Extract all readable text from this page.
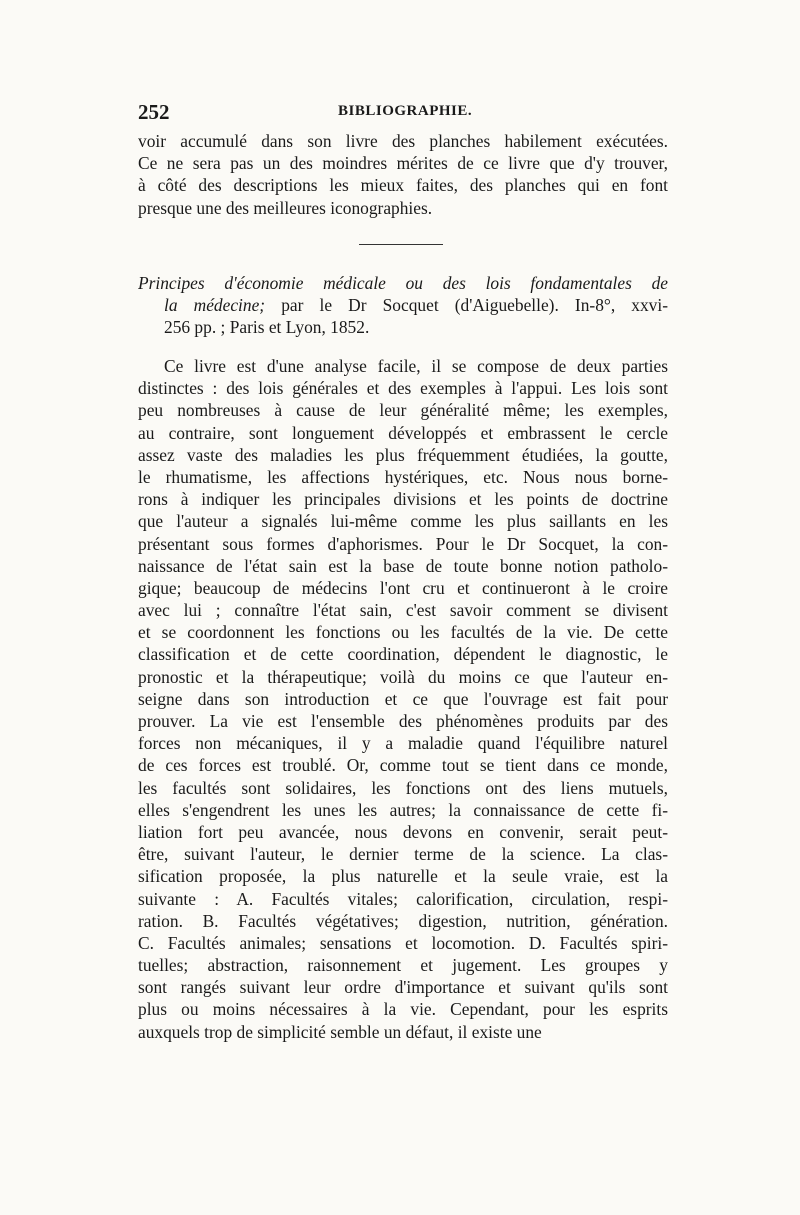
252	BIBLIOGRAPHIE.
voir accumulé dans son livre des planches habilement exécutées.
Ce ne sera pas un des moindres mérites de ce livre que d'y trouver,
à côté des descriptions les mieux faites, des planches qui en font
presque une des meilleures iconographies.
Principes d'économie médicale ou des lois fondamentales de
la médecine; par le Dr Socquet (d'Aiguebelle). In-8°, xxvi-
256 pp. ; Paris et Lyon, 1852.
Ce livre est d'une analyse facile, il se compose de deux parties
distinctes : des lois générales et des exemples à l'appui. Les lois sont
peu nombreuses à cause de leur généralité même; les exemples,
au contraire, sont longuement développés et embrassent le cercle
assez vaste des maladies les plus fréquemment étudiées, la goutte,
le rhumatisme, les affections hystériques, etc. Nous nous borne-
rons à indiquer les principales divisions et les points de doctrine
que l'auteur a signalés lui-même comme les plus saillants en les
présentant sous formes d'aphorismes. Pour le Dr Socquet, la con-
naissance de l'état sain est la base de toute bonne notion patholo-
gique; beaucoup de médecins l'ont cru et continueront à le croire
avec lui ; connaître l'état sain, c'est savoir comment se divisent
et se coordonnent les fonctions ou les facultés de la vie. De cette
classification et de cette coordination, dépendent le diagnostic, le
pronostic et la thérapeutique; voilà du moins ce que l'auteur en-
seigne dans son introduction et ce que l'ouvrage est fait pour
prouver. La vie est l'ensemble des phénomènes produits par des
forces non mécaniques, il y a maladie quand l'équilibre naturel
de ces forces est troublé. Or, comme tout se tient dans ce monde,
les facultés sont solidaires, les fonctions ont des liens mutuels,
elles s'engendrent les unes les autres; la connaissance de cette fi-
liation fort peu avancée, nous devons en convenir, serait peut-
être, suivant l'auteur, le dernier terme de la science. La clas-
sification proposée, la plus naturelle et la seule vraie, est la
suivante : A. Facultés vitales; calorification, circulation, respi-
ration. B. Facultés végétatives; digestion, nutrition, génération.
C. Facultés animales; sensations et locomotion. D. Facultés spiri-
tuelles; abstraction, raisonnement et jugement. Les groupes y
sont rangés suivant leur ordre d'importance et suivant qu'ils sont
plus ou moins nécessaires à la vie. Cependant, pour les esprits
auxquels trop de simplicité semble un défaut, il existe une
